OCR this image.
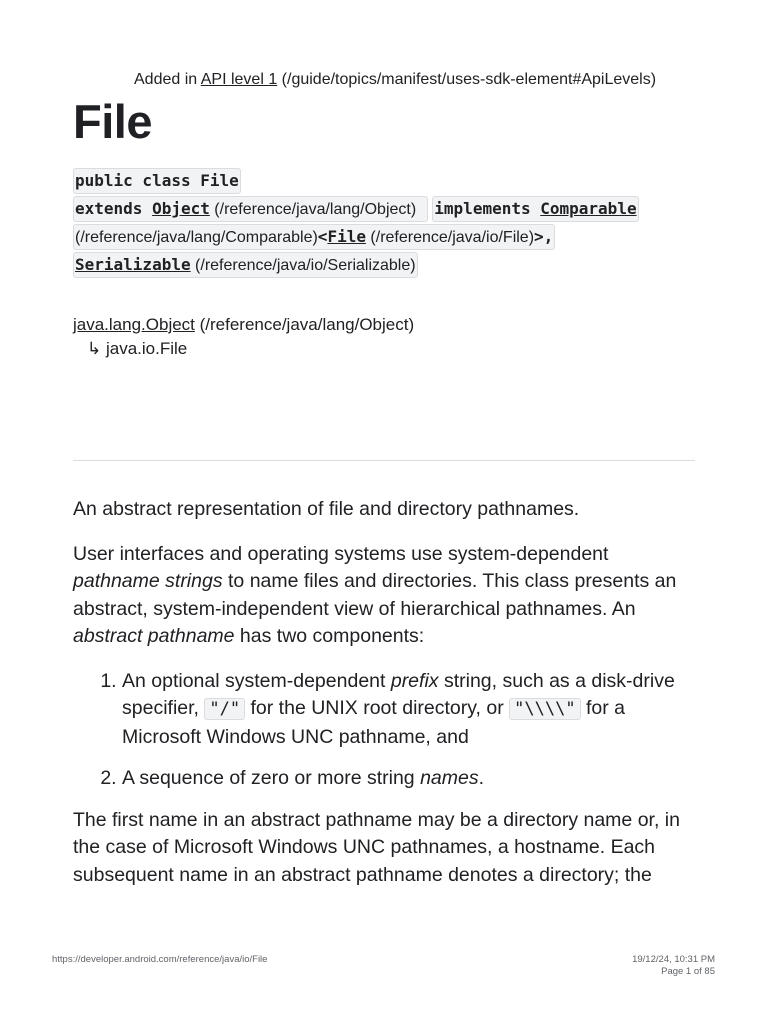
Added in API level 1 (/guide/topics/manifest/uses-sdk-element#ApiLevels)
File
public class File
extends Object (/reference/java/lang/Object) implements Comparable
(/reference/java/lang/Comparable)<File (/reference/java/io/File)>,
Serializable (/reference/java/io/Serializable)
java.lang.Object (/reference/java/lang/Object)
↳ java.io.File

An abstract representation of file and directory pathnames.

User interfaces and operating systems use system-dependent pathname strings to name files and directories. This class presents an abstract, system-independent view of hierarchical pathnames. An abstract pathname has two components:

1. An optional system-dependent prefix string, such as a disk-drive specifier, "/" for the UNIX root directory, or "\\\\" for a Microsoft Windows UNC pathname, and
2. A sequence of zero or more string names.

The first name in an abstract pathname may be a directory name or, in the case of Microsoft Windows UNC pathnames, a hostname. Each subsequent name in an abstract pathname denotes a directory; the

https://developer.android.com/reference/java/io/File	19/12/24, 10:31 PM
Page 1 of 85
